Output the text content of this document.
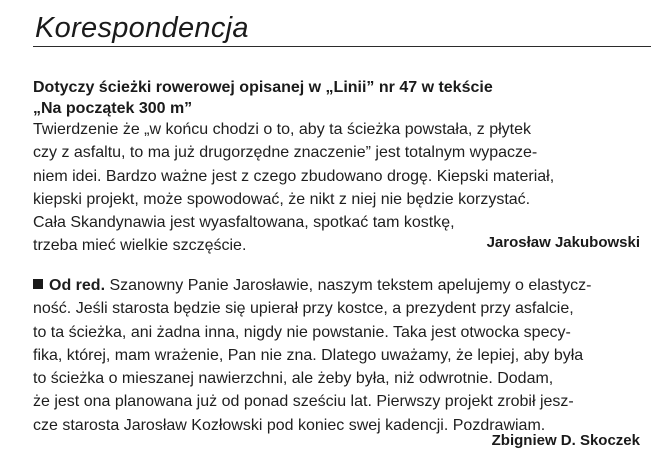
Korespondencja
Dotyczy ścieżki rowerowej opisanej w „Linii” nr 47 w tekście
„Na początek 300 m”

Twierdzenie że „w końcu chodzi o to, aby ta ścieżka powstała, z płytek
czy z asfaltu, to ma już drugorzędne znaczenie” jest totalnym wypacze-
niem idei. Bardzo ważne jest z czego zbudowano drogę. Kiepski materiał,
kiepski projekt, może spowodować, że nikt z niej nie będzie korzystać.
Cała Skandynawia jest wyasfaltowana, spotkać tam kostkę,
trzeba mieć wielkie szczęście.	Jarosław Jakubowski

Od red. Szanowny Panie Jarosławie, naszym tekstem apelujemy o elastycz-
ność. Jeśli starosta będzie się upierał przy kostce, a prezydent przy asfalcie,
to ta ścieżka, ani żadna inna, nigdy nie powstanie. Taka jest otwocka specy-
fika, której, mam wrażenie, Pan nie zna. Dlatego uważamy, że lepiej, aby była
to ścieżka o mieszanej nawierzchni, ale żeby była, niż odwrotnie. Dodam,
że jest ona planowana już od ponad sześciu lat. Pierwszy projekt zrobił jesz-
cze starosta Jarosław Kozłowski pod koniec swej kadencji. Pozdrawiam.

Zbigniew D. Skoczek
